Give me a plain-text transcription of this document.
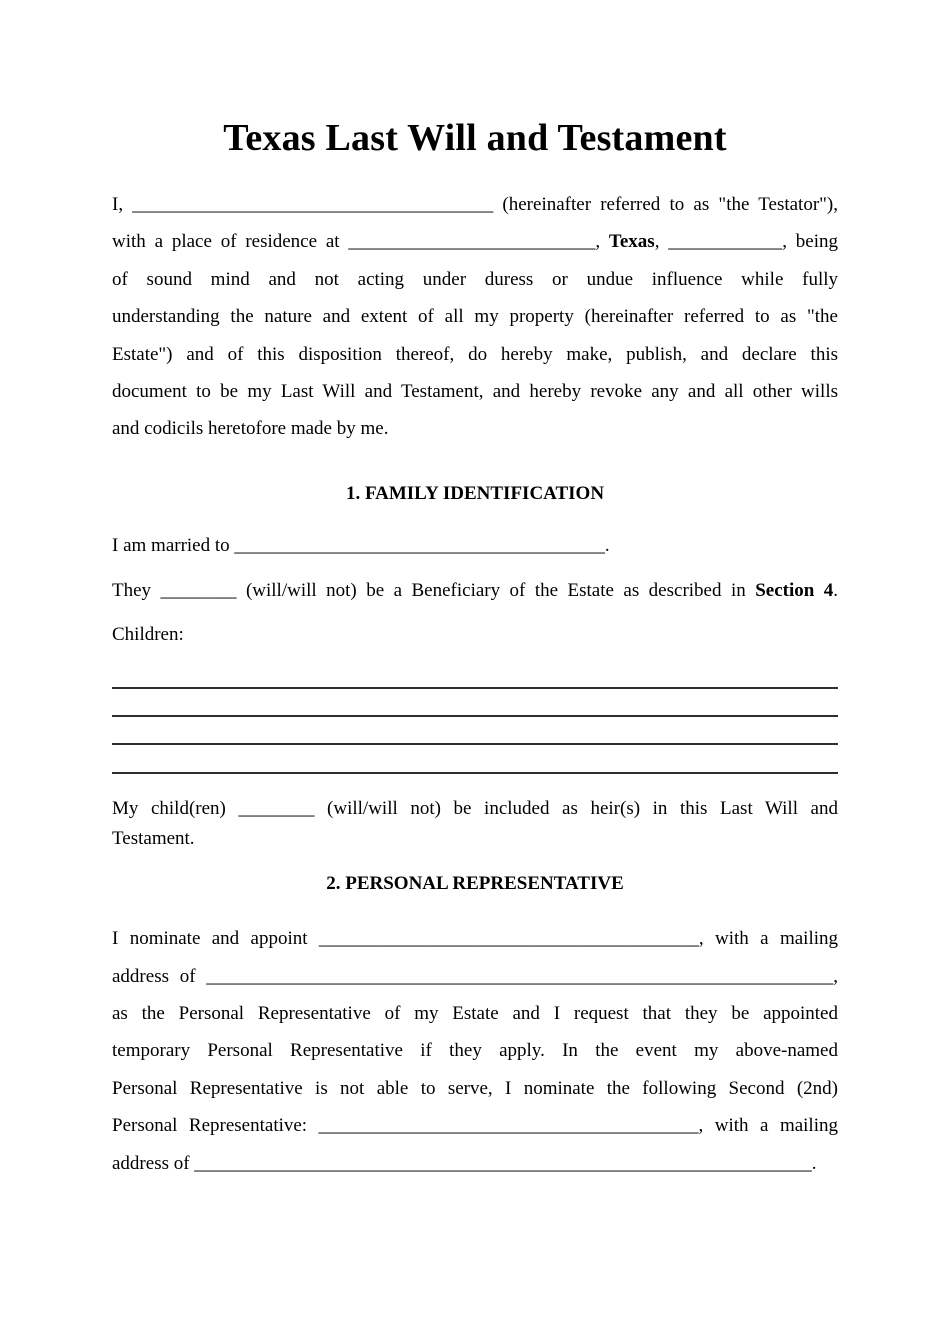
Texas Last Will and Testament
I, ______________________________________ (hereinafter referred to as "the Testator"),
with a place of residence at __________________________, Texas, ____________, being
of sound mind and not acting under duress or undue influence while fully
understanding the nature and extent of all my property (hereinafter referred to as "the
Estate") and of this disposition thereof, do hereby make, publish, and declare this
document to be my Last Will and Testament, and hereby revoke any and all other wills
and codicils heretofore made by me.
1. FAMILY IDENTIFICATION
I am married to _______________________________________.
They ________ (will/will not) be a Beneficiary of the Estate as described in Section 4.
Children:
My child(ren) ________ (will/will not) be included as heir(s) in this Last Will and
Testament.
2. PERSONAL REPRESENTATIVE
I nominate and appoint ________________________________________, with a mailing
address of __________________________________________________________________,
as the Personal Representative of my Estate and I request that they be appointed
temporary Personal Representative if they apply. In the event my above-named
Personal Representative is not able to serve, I nominate the following Second (2nd)
Personal Representative: ________________________________________, with a mailing
address of _________________________________________________________________.
